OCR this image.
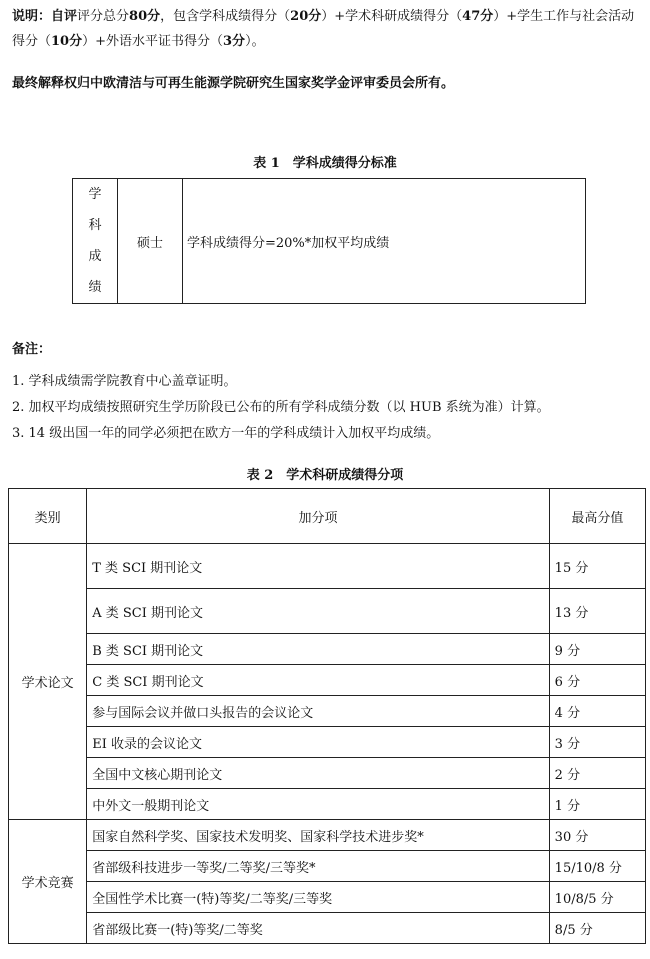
说明：自评评分总分80分，包含学科成绩得分（20分）+学术科研成绩得分（47分）+学生工作与社会活动得分（10分）+外语水平证书得分（3分）。
最终解释权归中欧清洁与可再生能源学院研究生国家奖学金评审委员会所有。
表 1　学科成绩得分标准
学
科
成
绩
	硕士	学科成绩得分=20%*加权平均成绩
备注：
1. 学科成绩需学院教育中心盖章证明。
2. 加权平均成绩按照研究生学历阶段已公布的所有学科成绩分数（以 HUB 系统为准）计算。
3. 14 级出国一年的同学必须把在欧方一年的学科成绩计入加权平均成绩。
表 2　学术科研成绩得分项
类别	加分项	最高分值
学术论文	T 类 SCI 期刊论文	15 分
	A 类 SCI 期刊论文	13 分
	B 类 SCI 期刊论文	9 分
	C 类 SCI 期刊论文	6 分
	参与国际会议并做口头报告的会议论文	4 分
	EI 收录的会议论文	3 分
	全国中文核心期刊论文	2 分
	中外文一般期刊论文	1 分
学术竞赛	国家自然科学奖、国家技术发明奖、国家科学技术进步奖*	30 分
	省部级科技进步一等奖/二等奖/三等奖*	15/10/8 分
	全国性学术比赛一(特)等奖/二等奖/三等奖	10/8/5 分
	省部级比赛一(特)等奖/二等奖	8/5 分
